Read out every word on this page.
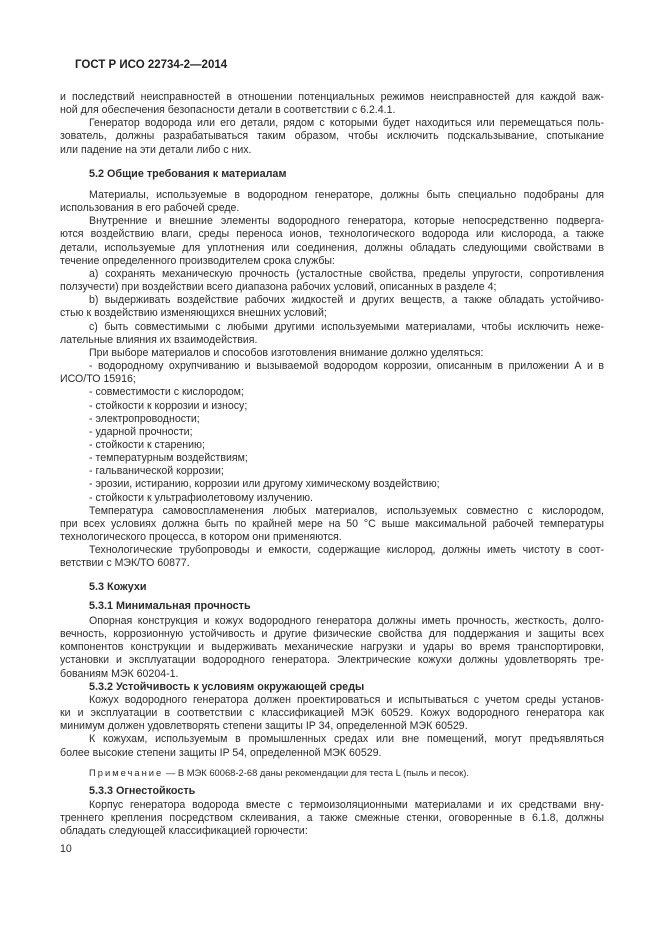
ГОСТ Р ИСО 22734-2—2014
и последствий неисправностей в отношении потенциальных режимов неисправностей для каждой важ-
ной для обеспечения безопасности детали в соответствии с 6.2.4.1.
Генератор водорода или его детали, рядом с которыми будет находиться или перемещаться поль-
зователь, должны разрабатываться таким образом, чтобы исключить подскальзывание, спотыкание
или падение на эти детали либо с них.
5.2 Общие требования к материалам
Материалы, используемые в водородном генераторе, должны быть специально подобраны для
использования в его рабочей среде.
Внутренние и внешние элементы водородного генератора, которые непосредственно подверга-
ются воздействию влаги, среды переноса ионов, технологического водорода или кислорода, а также
детали, используемые для уплотнения или соединения, должны обладать следующими свойствами в
течение определенного производителем срока службы:
a) сохранять механическую прочность (усталостные свойства, пределы упругости, сопротивления
ползучести) при воздействии всего диапазона рабочих условий, описанных в разделе 4;
b) выдерживать воздействие рабочих жидкостей и других веществ, а также обладать устойчиво-
стью к воздействию изменяющихся внешних условий;
c) быть совместимыми с любыми другими используемыми материалами, чтобы исключить нежe-
лательные влияния их взаимодействия.
При выборе материалов и способов изготовления внимание должно уделяться:
- водородному охрупчиванию и вызываемой водородом коррозии, описанным в приложении А и в
ИСО/ТО 15916;
- совместимости с кислородом;
- стойкости к коррозии и износу;
- электропроводности;
- ударной прочности;
- стойкости к старению;
- температурным воздействиям;
- гальванической коррозии;
- эрозии, истиранию, коррозии или другому химическому воздействию;
- стойкости к ультрафиолетовому излучению.
Температура самовоспламенения любых материалов, используемых совместно с кислородом,
при всех условиях должна быть по крайней мере на 50 °C выше максимальной рабочей температуры
технологического процесса, в котором они применяются.
Технологические трубопроводы и емкости, содержащие кислород, должны иметь чистоту в соот-
ветствии с МЭК/ТО 60877.
5.3 Кожухи
5.3.1 Минимальная прочность
Опорная конструкция и кожух водородного генератора должны иметь прочность, жесткость, долго-
вечность, коррозионную устойчивость и другие физические свойства для поддержания и защиты всех
компонентов конструкции и выдерживать механические нагрузки и удары во время транспортировки,
установки и эксплуатации водородного генератора. Электрические кожухи должны удовлетворять тре-
бованиям МЭК 60204-1.
5.3.2 Устойчивость к условиям окружающей среды
Кожух водородного генератора должен проектироваться и испытываться с учетом среды установ-
ки и эксплуатации в соответствии с классификацией МЭК 60529. Кожух водородного генератора как
минимум должен удовлетворять степени защиты IP 34, определенной МЭК 60529.
К кожухам, используемым в промышленных средах или вне помещений, могут предъявляться
более высокие степени защиты IP 54, определенной МЭК 60529.
Примечание — В МЭК 60068-2-68 даны рекомендации для теста L (пыль и песок).
5.3.3 Огнестойкость
Корпус генератора водорода вместе с термоизоляционными материалами и их средствами вну-
треннего крепления посредством склеивания, а также смежные стенки, оговоренные в 6.1.8, должны
обладать следующей классификацией горючести:
10
